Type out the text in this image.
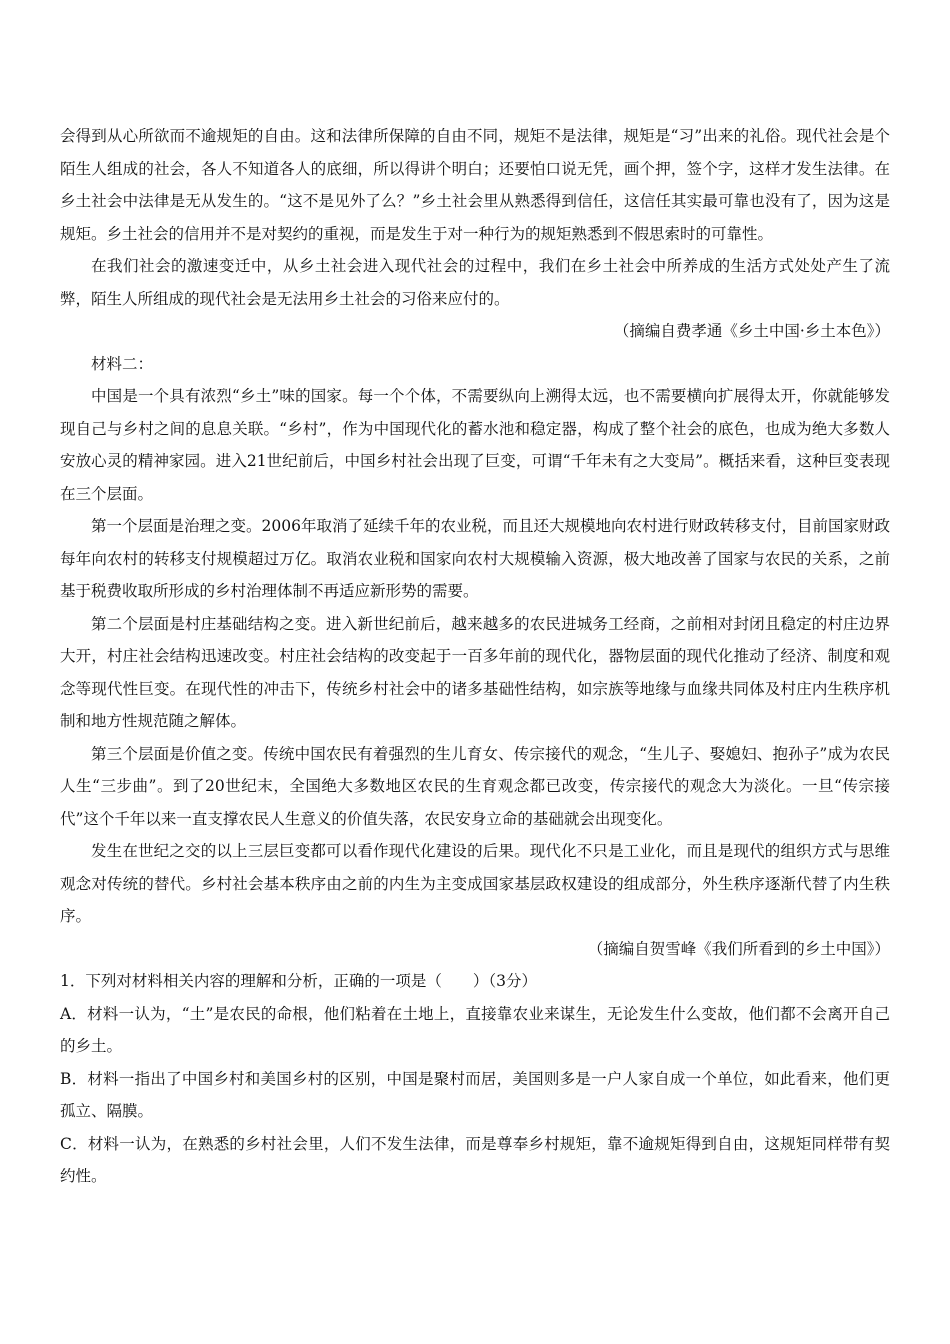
会得到从心所欲而不逾规矩的自由。这和法律所保障的自由不同，规矩不是法律，规矩是“习”出来的礼俗。现代社会是个陌生人组成的社会，各人不知道各人的底细，所以得讲个明白；还要怕口说无凭，画个押，签个字，这样才发生法律。在乡土社会中法律是无从发生的。“这不是见外了么？”乡土社会里从熟悉得到信任，这信任其实最可靠也没有了，因为这是规矩。乡土社会的信用并不是对契约的重视，而是发生于对一种行为的规矩熟悉到不假思索时的可靠性。

在我们社会的激速变迁中，从乡土社会进入现代社会的过程中，我们在乡土社会中所养成的生活方式处处产生了流弊，陌生人所组成的现代社会是无法用乡土社会的习俗来应付的。

（摘编自费孝通《乡土中国·乡土本色》）

材料二：

中国是一个具有浓烈“乡土”味的国家。每一个个体，不需要纵向上溯得太远，也不需要横向扩展得太开，你就能够发现自己与乡村之间的息息关联。“乡村”，作为中国现代化的蓄水池和稳定器，构成了整个社会的底色，也成为绝大多数人安放心灵的精神家园。进入21世纪前后，中国乡村社会出现了巨变，可谓“千年未有之大变局”。概括来看，这种巨变表现在三个层面。

第一个层面是治理之变。2006年取消了延续千年的农业税，而且还大规模地向农村进行财政转移支付，目前国家财政每年向农村的转移支付规模超过万亿。取消农业税和国家向农村大规模输入资源，极大地改善了国家与农民的关系，之前基于税费收取所形成的乡村治理体制不再适应新形势的需要。

第二个层面是村庄基础结构之变。进入新世纪前后，越来越多的农民进城务工经商，之前相对封闭且稳定的村庄边界大开，村庄社会结构迅速改变。村庄社会结构的改变起于一百多年前的现代化，器物层面的现代化推动了经济、制度和观念等现代性巨变。在现代性的冲击下，传统乡村社会中的诸多基础性结构，如宗族等地缘与血缘共同体及村庄内生秩序机制和地方性规范随之解体。

第三个层面是价值之变。传统中国农民有着强烈的生儿育女、传宗接代的观念，“生儿子、娶媳妇、抱孙子”成为农民人生“三步曲”。到了20世纪末，全国绝大多数地区农民的生育观念都已改变，传宗接代的观念大为淡化。一旦“传宗接代”这个千年以来一直支撑农民人生意义的价值失落，农民安身立命的基础就会出现变化。

发生在世纪之交的以上三层巨变都可以看作现代化建设的后果。现代化不只是工业化，而且是现代的组织方式与思维观念对传统的替代。乡村社会基本秩序由之前的内生为主变成国家基层政权建设的组成部分，外生秩序逐渐代替了内生秩序。

（摘编自贺雪峰《我们所看到的乡土中国》）

1．下列对材料相关内容的理解和分析，正确的一项是（　　）（3分）

A．材料一认为，“土”是农民的命根，他们粘着在土地上，直接靠农业来谋生，无论发生什么变故，他们都不会离开自己的乡土。

B．材料一指出了中国乡村和美国乡村的区别，中国是聚村而居，美国则多是一户人家自成一个单位，如此看来，他们更孤立、隔膜。

C．材料一认为，在熟悉的乡村社会里，人们不发生法律，而是尊奉乡村规矩，靠不逾规矩得到自由，这规矩同样带有契约性。
